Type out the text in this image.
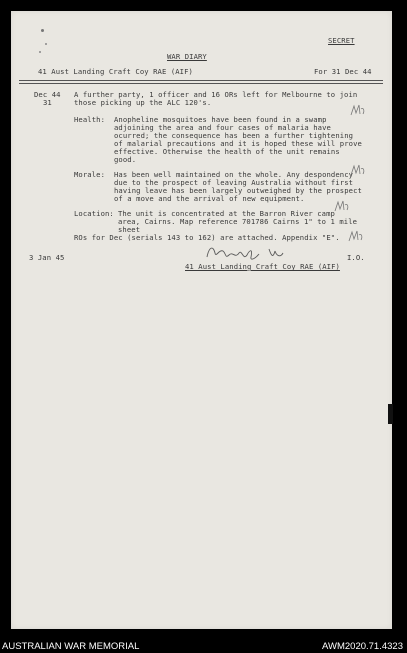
SECRET
WAR DIARY
41 Aust Landing Craft Coy RAE (AIF)	For 31 Dec 44
Dec 44
31
A further party, 1 officer and 16 ORs left for Melbourne to join
those picking up the ALC 120's.
Health: Anopheline mosquitoes have been found in a swamp
adjoining the area and four cases of malaria have
ocurred; the consequence has been a further tightening
of malarial precautions and it is hoped these will prove
effective. Otherwise the health of the unit remains
good.
Morale: Has been well maintained on the whole. Any despondency
due to the prospect of leaving Australia without first
having leave has been largely outweighed by the prospect
of a move and the arrival of new equipment.
Location: The unit is concentrated at the Barron River camp
area, Cairns. Map reference 701786 Cairns 1" to 1 mile
sheet
ROs for Dec (serials 143 to 162) are attached. Appendix "E".
3 Jan 45	I.O.
41 Aust Landing Craft Coy RAE (AIF)
AUSTRALIAN WAR MEMORIAL	AWM2020.71.4323
